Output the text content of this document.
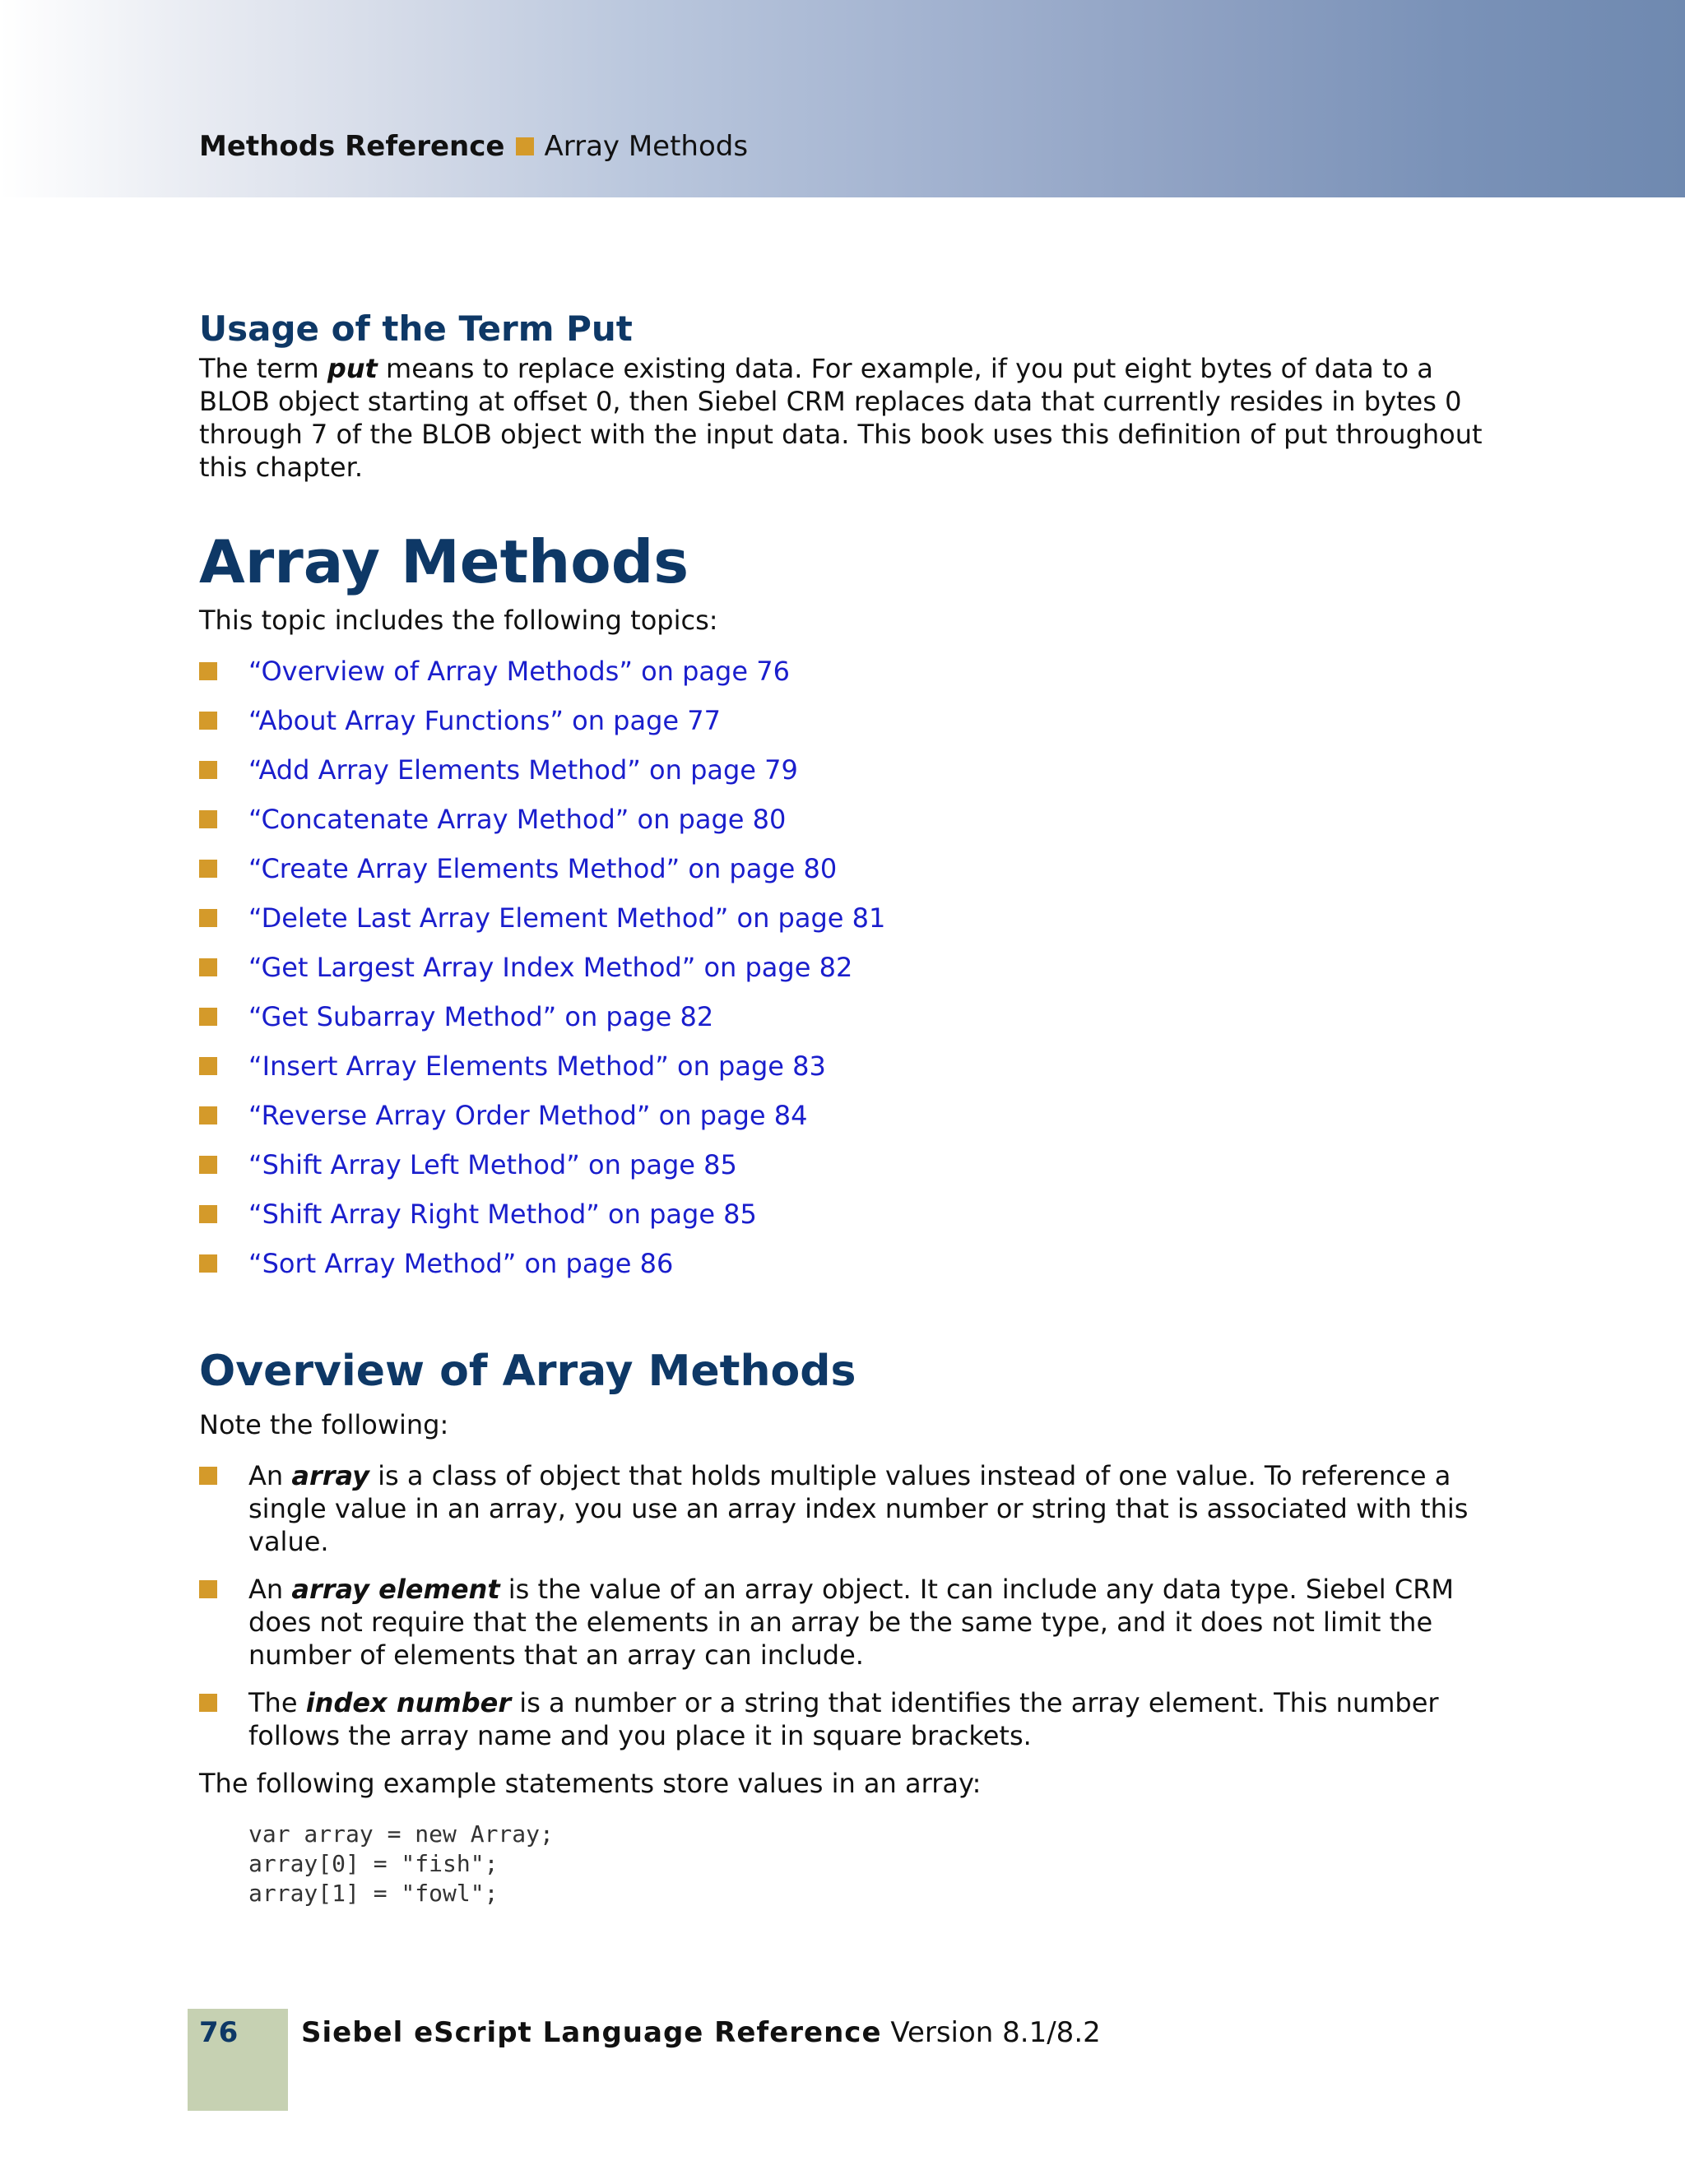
Methods Reference Array Methods
Usage of the Term Put

The term put means to replace existing data. For example, if you put eight bytes of data to a BLOB object starting at offset 0, then Siebel CRM replaces data that currently resides in bytes 0 through 7 of the BLOB object with the input data. This book uses this definition of put throughout this chapter.

Array Methods

This topic includes the following topics:

“Overview of Array Methods” on page 76
“About Array Functions” on page 77
“Add Array Elements Method” on page 79
“Concatenate Array Method” on page 80
“Create Array Elements Method” on page 80
“Delete Last Array Element Method” on page 81
“Get Largest Array Index Method” on page 82
“Get Subarray Method” on page 82
“Insert Array Elements Method” on page 83
“Reverse Array Order Method” on page 84
“Shift Array Left Method” on page 85
“Shift Array Right Method” on page 85
“Sort Array Method” on page 86
Overview of Array Methods

Note the following:

An array is a class of object that holds multiple values instead of one value. To reference a single value in an array, you use an array index number or string that is associated with this value.
An array element is the value of an array object. It can include any data type. Siebel CRM does not require that the elements in an array be the same type, and it does not limit the number of elements that an array can include.
The index number is a number or a string that identifies the array element. This number follows the array name and you place it in square brackets.

The following example statements store values in an array:

var array = new Array;
array[0] = "fish";
array[1] = "fowl";
76 Siebel eScript Language Reference Version 8.1/8.2
